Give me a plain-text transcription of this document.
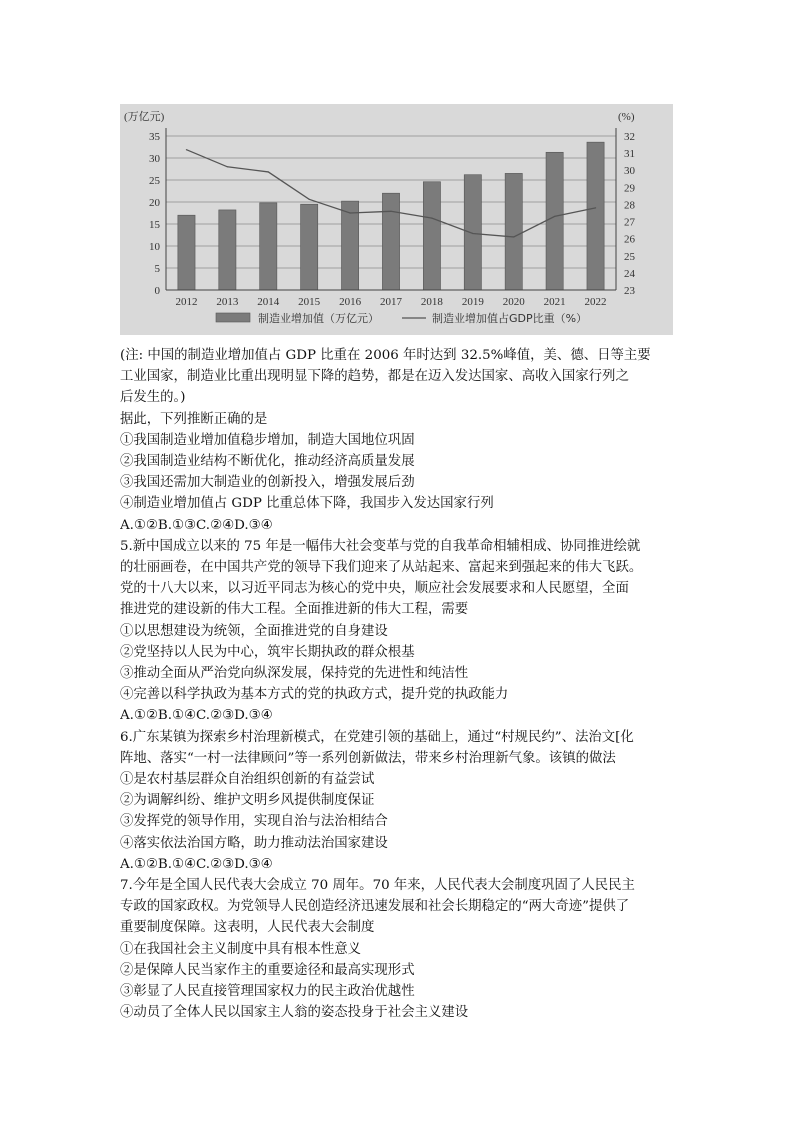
0
5
10
15
20
25
30
35
23
24
25
26
27
28
29
30
31
32
(万亿元)	(%)
2012 2013 2014 2015 2016 2017 2018 2019 2020 2021 2022
制造业增加值（万亿元）	制造业增加值占GDP比重（%）
(注: 中国的制造业增加值占 GDP 比重在 2006 年时达到 32.5%峰值，美、德、日等主要
工业国家，制造业比重出现明显下降的趋势，都是在迈入发达国家、高收入国家行列之
后发生的。)
据此，下列推断正确的是
①我国制造业增加值稳步增加，制造大国地位巩固
②我国制造业结构不断优化，推动经济高质量发展
③我国还需加大制造业的创新投入，增强发展后劲
④制造业增加值占 GDP 比重总体下降，我国步入发达国家行列
A.①②B.①③C.②④D.③④
5.新中国成立以来的 75 年是一幅伟大社会变革与党的自我革命相辅相成、协同推进绘就
的壮丽画卷，在中国共产党的领导下我们迎来了从站起来、富起来到强起来的伟大飞跃。
党的十八大以来，以习近平同志为核心的党中央，顺应社会发展要求和人民愿望，全面
推进党的建设新的伟大工程。全面推进新的伟大工程，需要
①以思想建设为统领，全面推进党的自身建设
②党坚持以人民为中心，筑牢长期执政的群众根基
③推动全面从严治党向纵深发展，保持党的先进性和纯洁性
④完善以科学执政为基本方式的党的执政方式，提升党的执政能力
A.①②B.①④C.②③D.③④
6.广东某镇为探索乡村治理新模式，在党建引领的基础上，通过“村规民约”、法治文[化
阵地、落实“一村一法律顾问”等一系列创新做法，带来乡村治理新气象。该镇的做法
①是农村基层群众自治组织创新的有益尝试
②为调解纠纷、维护文明乡风提供制度保证
③发挥党的领导作用，实现自治与法治相结合
④落实依法治国方略，助力推动法治国家建设
A.①②B.①④C.②③D.③④
7.今年是全国人民代表大会成立 70 周年。70 年来，人民代表大会制度巩固了人民民主
专政的国家政权。为党领导人民创造经济迅速发展和社会长期稳定的“两大奇迹”提供了
重要制度保障。这表明，人民代表大会制度
①在我国社会主义制度中具有根本性意义
②是保障人民当家作主的重要途径和最高实现形式
③彰显了人民直接管理国家权力的民主政治优越性
④动员了全体人民以国家主人翁的姿态投身于社会主义建设
